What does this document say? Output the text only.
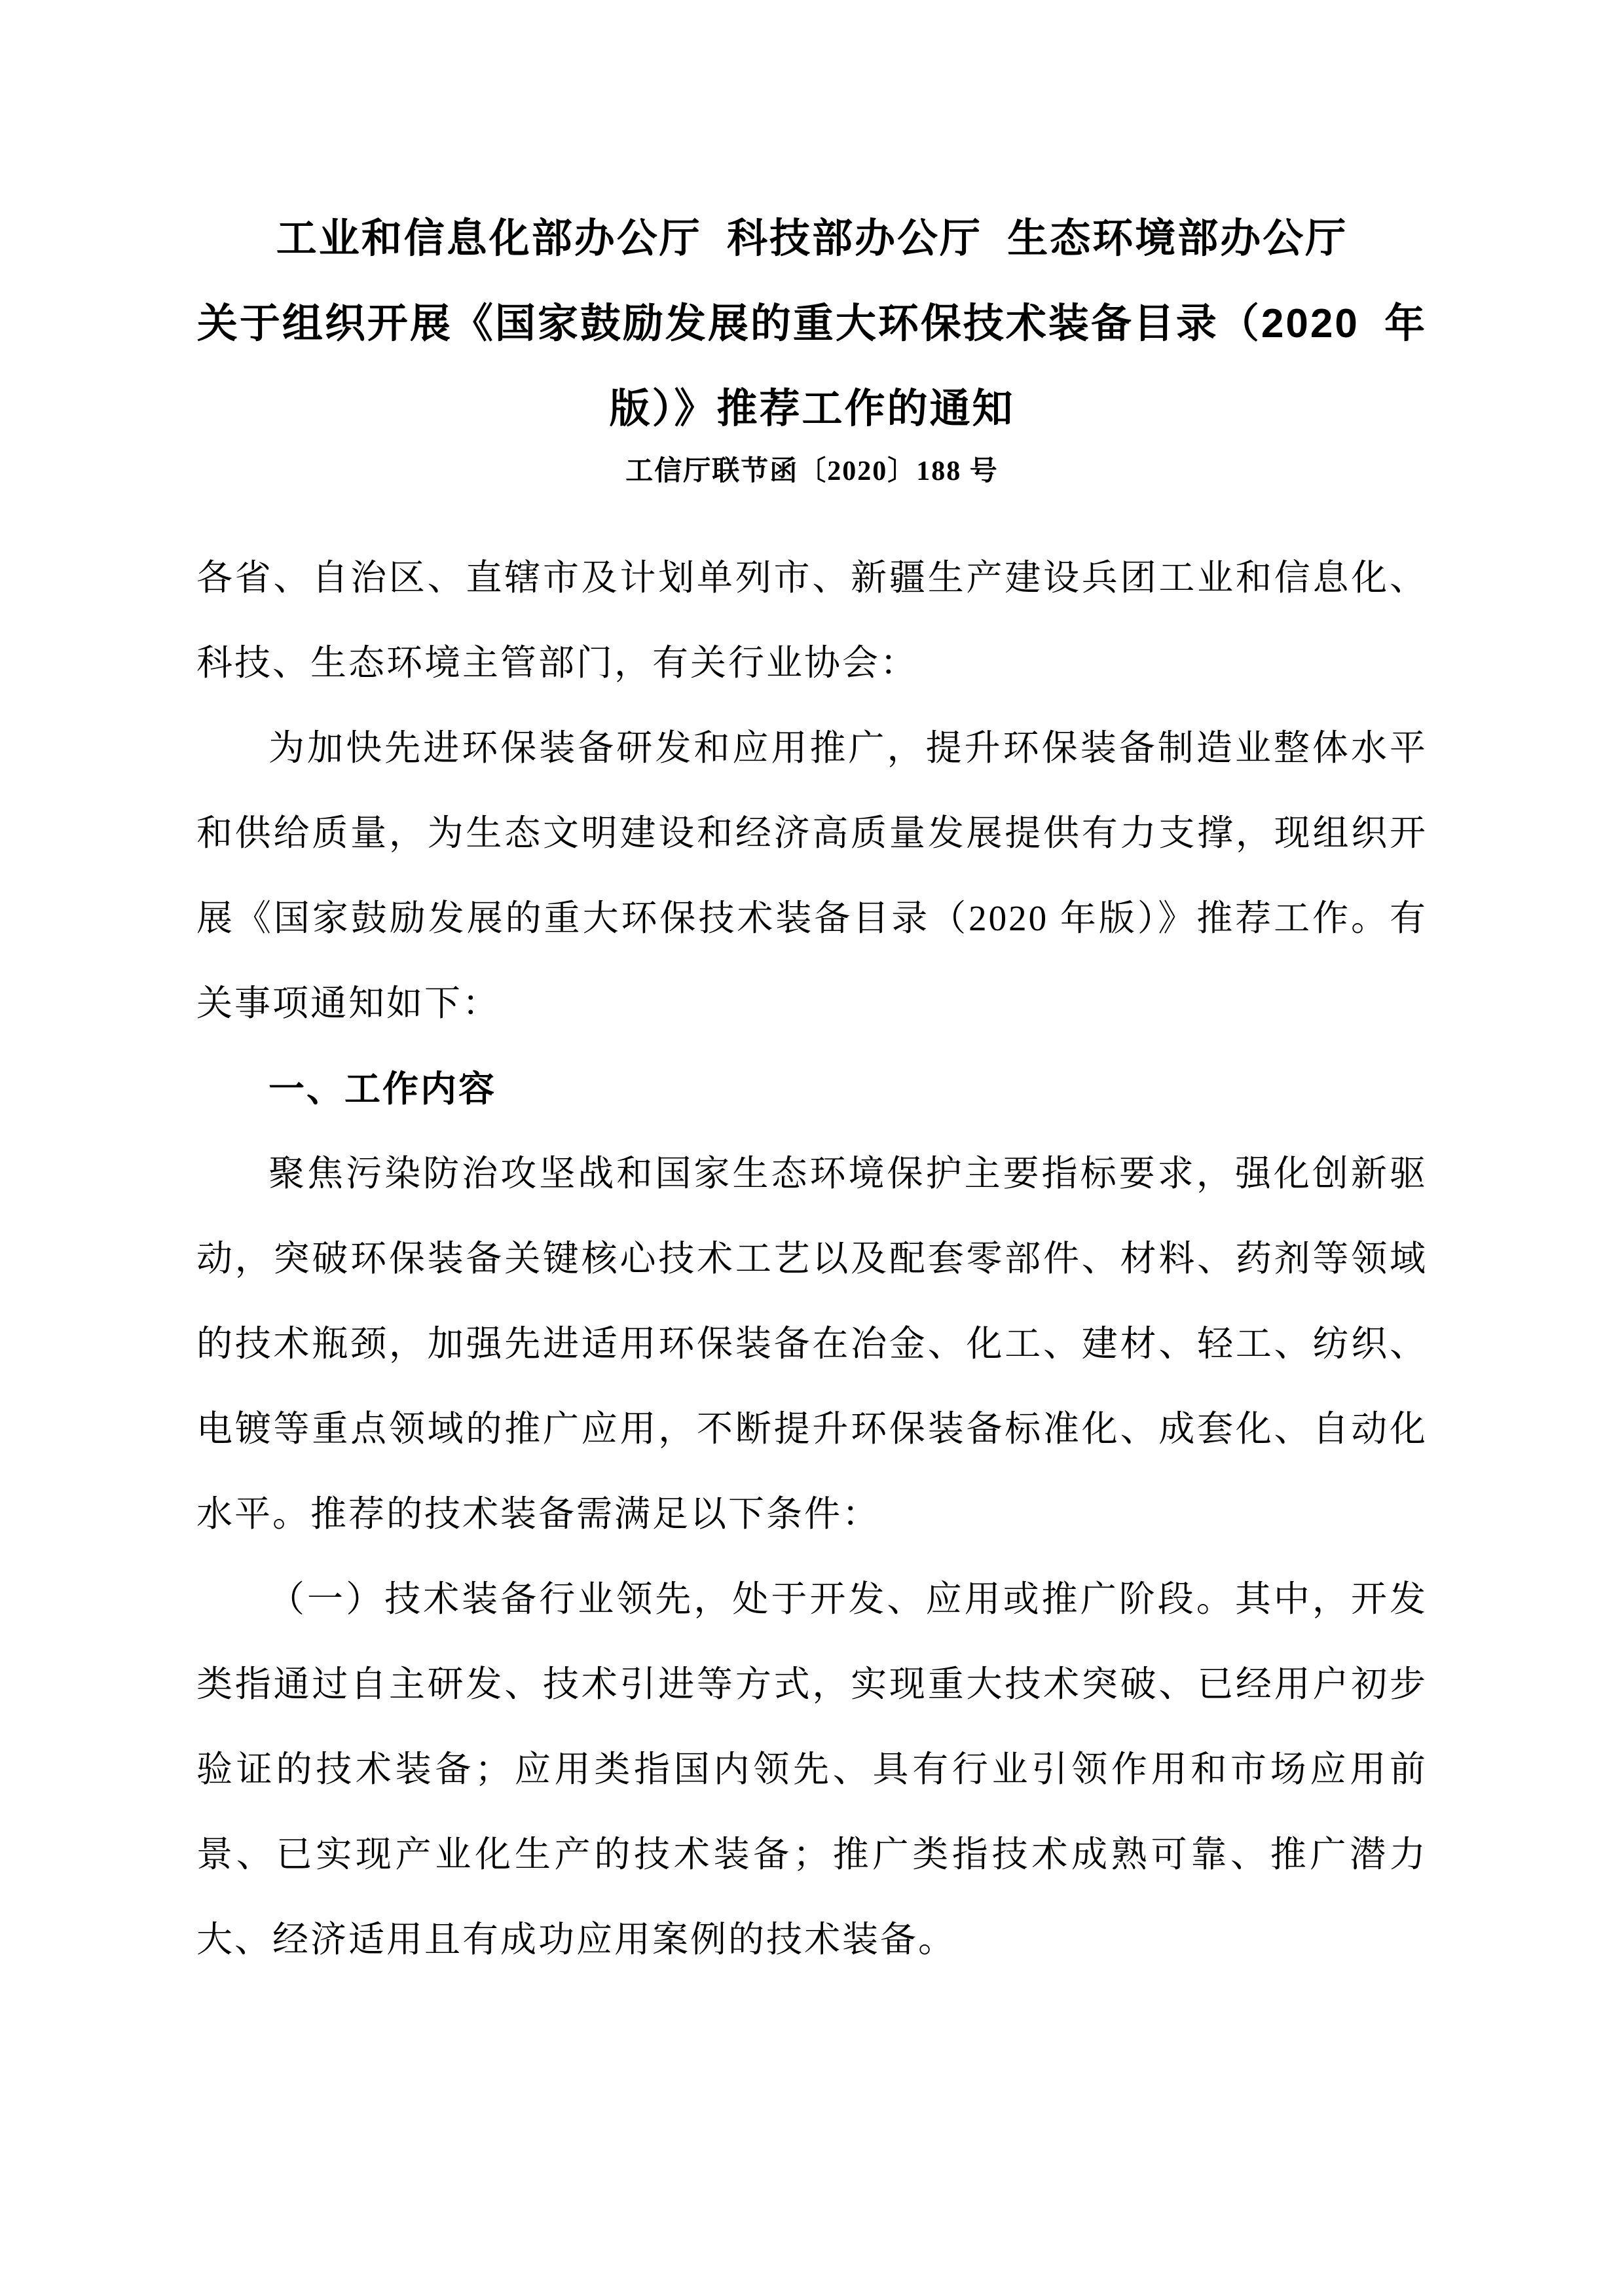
工业和信息化部办公厅 科技部办公厅 生态环境部办公厅
关于组织开展《国家鼓励发展的重大环保技术装备目录（2020 年
版）》推荐工作的通知
工信厅联节函〔2020〕188 号

各省、自治区、直辖市及计划单列市、新疆生产建设兵团工业和信息化、科技、生态环境主管部门，有关行业协会：

为加快先进环保装备研发和应用推广，提升环保装备制造业整体水平和供给质量，为生态文明建设和经济高质量发展提供有力支撑，现组织开展《国家鼓励发展的重大环保技术装备目录（2020 年版）》推荐工作。有关事项通知如下：

一、工作内容

聚焦污染防治攻坚战和国家生态环境保护主要指标要求，强化创新驱动，突破环保装备关键核心技术工艺以及配套零部件、材料、药剂等领域的技术瓶颈，加强先进适用环保装备在冶金、化工、建材、轻工、纺织、电镀等重点领域的推广应用，不断提升环保装备标准化、成套化、自动化水平。推荐的技术装备需满足以下条件：

（一）技术装备行业领先，处于开发、应用或推广阶段。其中，开发类指通过自主研发、技术引进等方式，实现重大技术突破、已经用户初步验证的技术装备；应用类指国内领先、具有行业引领作用和市场应用前景、已实现产业化生产的技术装备；推广类指技术成熟可靠、推广潜力大、经济适用且有成功应用案例的技术装备。
